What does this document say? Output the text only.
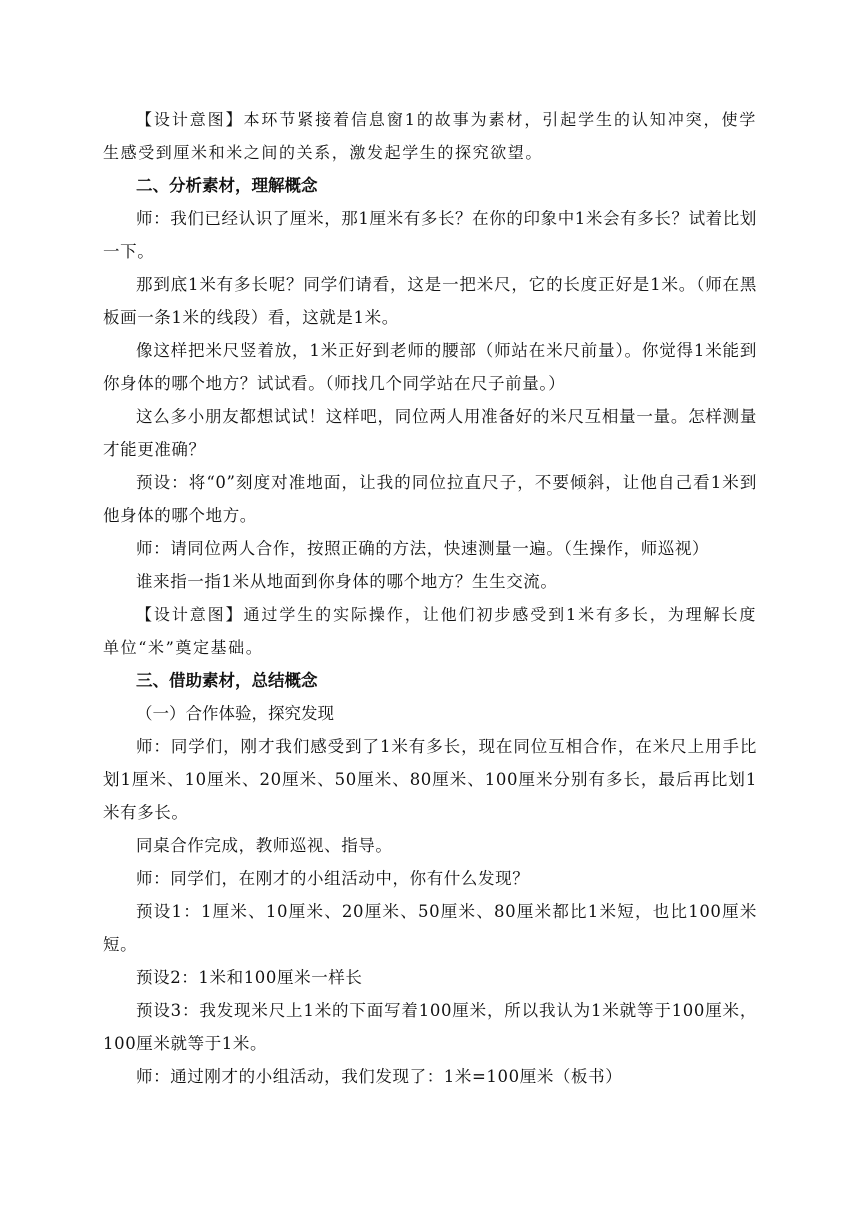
【设计意图】本环节紧接着信息窗1的故事为素材，引起学生的认知冲突，使学生感受到厘米和米之间的关系，激发起学生的探究欲望。

二、分析素材，理解概念

师：我们已经认识了厘米，那1厘米有多长？在你的印象中1米会有多长？试着比划一下。

那到底1米有多长呢？同学们请看，这是一把米尺，它的长度正好是1米。（师在黑板画一条1米的线段）看，这就是1米。

像这样把米尺竖着放，1米正好到老师的腰部（师站在米尺前量）。你觉得1米能到你身体的哪个地方？试试看。（师找几个同学站在尺子前量。）

这么多小朋友都想试试！这样吧，同位两人用准备好的米尺互相量一量。怎样测量才能更准确？

预设：将“0”刻度对准地面，让我的同位拉直尺子，不要倾斜，让他自己看1米到他身体的哪个地方。

师：请同位两人合作，按照正确的方法，快速测量一遍。（生操作，师巡视）

谁来指一指1米从地面到你身体的哪个地方？生生交流。

【设计意图】通过学生的实际操作，让他们初步感受到1米有多长，为理解长度单位“米”奠定基础。

三、借助素材，总结概念

（一）合作体验，探究发现

师：同学们，刚才我们感受到了1米有多长，现在同位互相合作，在米尺上用手比划1厘米、10厘米、20厘米、50厘米、80厘米、100厘米分别有多长，最后再比划1米有多长。

同桌合作完成，教师巡视、指导。

师：同学们，在刚才的小组活动中，你有什么发现？

预设1：1厘米、10厘米、20厘米、50厘米、80厘米都比1米短，也比100厘米短。

预设2：1米和100厘米一样长

预设3：我发现米尺上1米的下面写着100厘米，所以我认为1米就等于100厘米，100厘米就等于1米。

师：通过刚才的小组活动，我们发现了：1米=100厘米（板书）
